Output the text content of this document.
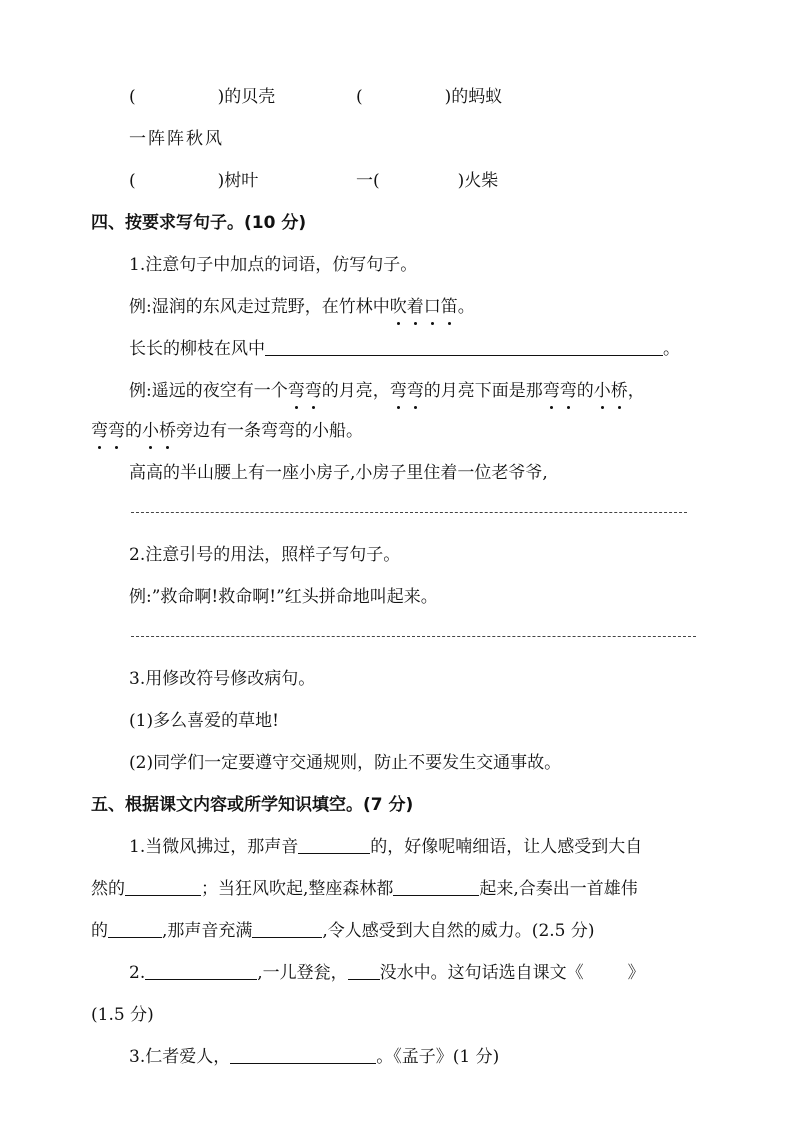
(	)的贝壳	(	)的蚂蚁
一阵阵秋风
(	)树叶	一(	)火柴
四、按要求写句子。(10 分)
1.注意句子中加点的词语，仿写句子。
例:湿润的东风走过荒野，在竹林中吹着口笛。
长长的柳枝在风中	。
例:遥远的夜空有一个弯弯的月亮，弯弯的月亮下面是那弯弯的小桥，
弯弯的小桥旁边有一条弯弯的小船。
高高的半山腰上有一座小房子,小房子里住着一位老爷爷,
2.注意引号的用法，照样子写句子。
例:”救命啊!救命啊!”红头拼命地叫起来。
3.用修改符号修改病句。
(1)多么喜爱的草地!
(2)同学们一定要遵守交通规则，防止不要发生交通事故。
五、根据课文内容或所学知识填空。(7 分)
1.当微风拂过，那声音	的，好像呢喃细语，让人感受到大自
然的	；当狂风吹起,整座森林都	起来,合奏出一首雄伟
的	,那声音充满	,令人感受到大自然的威力。(2.5 分)
2.	,一儿登瓮， 没水中。这句话选自课文《	》
(1.5 分)
3.仁者爱人，	。《孟子》(1 分)
